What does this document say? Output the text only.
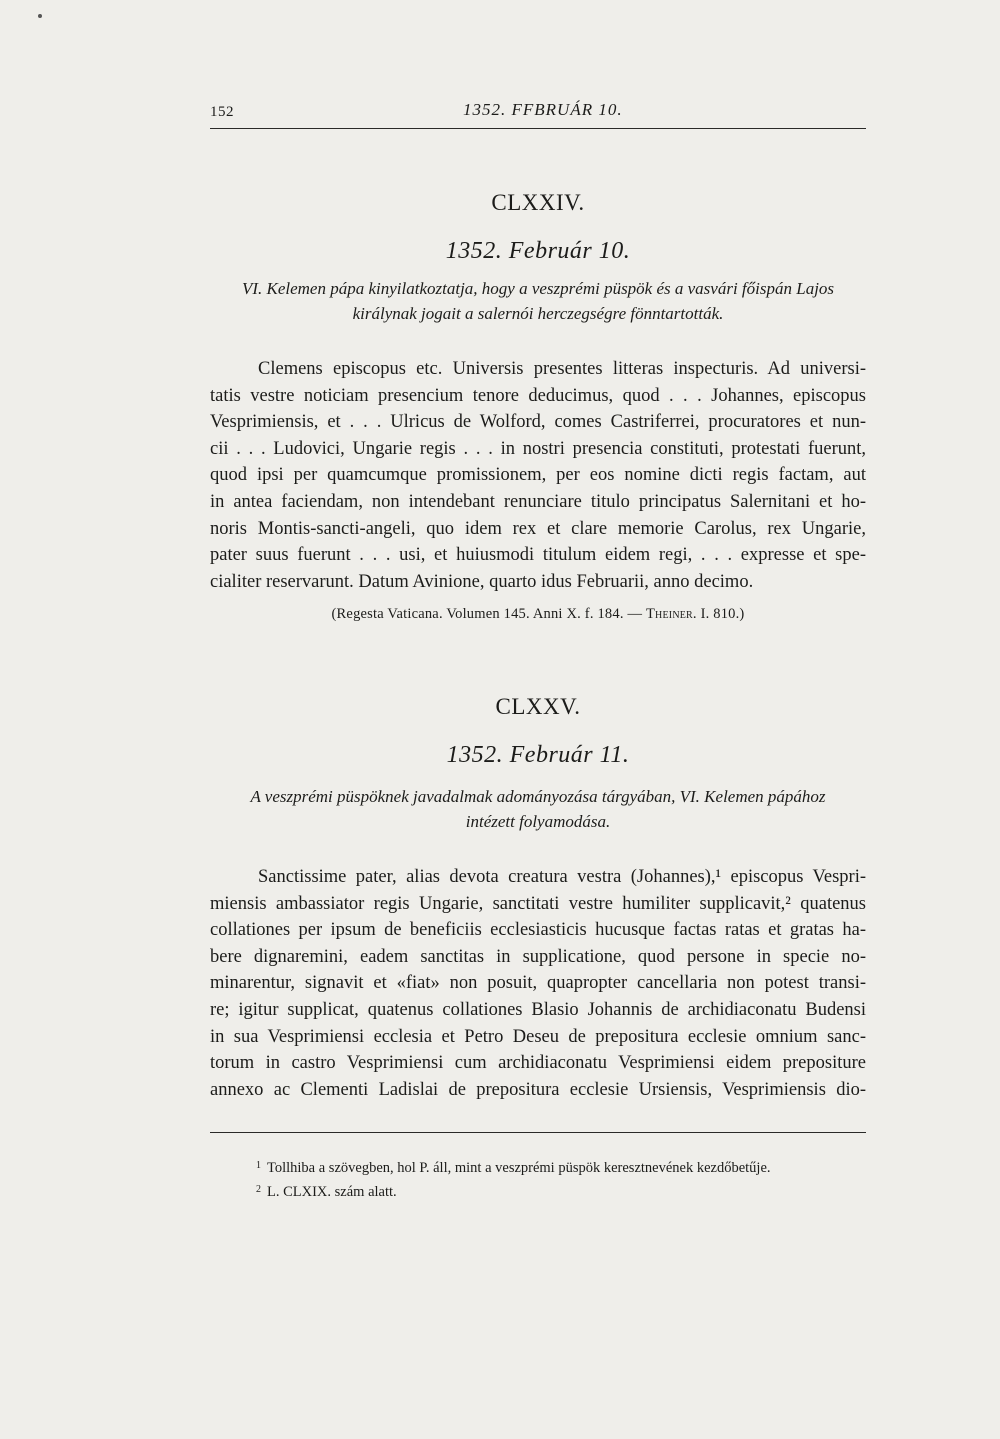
152	1352. FFBRUÁR 10.
CLXXIV.
1352. Február 10.
VI. Kelemen pápa kinyilatkoztatja, hogy a veszprémi püspök és a vasvári főispán Lajos
királynak jogait a salernói herczegségre fönntartották.
Clemens episcopus etc. Universis presentes litteras inspecturis. Ad universi-
tatis vestre noticiam presencium tenore deducimus, quod . . . Johannes, episcopus
Vesprimiensis, et . . . Ulricus de Wolford, comes Castriferrei, procuratores et nun-
cii . . . Ludovici, Ungarie regis . . . in nostri presencia constituti, protestati fuerunt,
quod ipsi per quamcumque promissionem, per eos nomine dicti regis factam, aut
in antea faciendam, non intendebant renunciare titulo principatus Salernitani et ho-
noris Montis-sancti-angeli, quo idem rex et clare memorie Carolus, rex Ungarie,
pater suus fuerunt . . . usi, et huiusmodi titulum eidem regi, . . . expresse et spe-
cialiter reservarunt. Datum Avinione, quarto idus Februarii, anno decimo.
(Regesta Vaticana. Volumen 145. Anni X. f. 184. — Theiner. I. 810.)
CLXXV.
1352. Február 11.
A veszprémi püspöknek javadalmak adományozása tárgyában, VI. Kelemen pápához
intézett folyamodása.
Sanctissime pater, alias devota creatura vestra (Johannes),¹ episcopus Vespri-
miensis ambassiator regis Ungarie, sanctitati vestre humiliter supplicavit,² quatenus
collationes per ipsum de beneficiis ecclesiasticis hucusque factas ratas et gratas ha-
bere dignaremini, eadem sanctitas in supplicatione, quod persone in specie no-
minarentur, signavit et «fiat» non posuit, quapropter cancellaria non potest transi-
re; igitur supplicat, quatenus collationes Blasio Johannis de archidiaconatu Budensi
in sua Vesprimiensi ecclesia et Petro Deseu de prepositura ecclesie omnium sanc-
torum in castro Vesprimiensi cum archidiaconatu Vesprimiensi eidem prepositure
annexo ac Clementi Ladislai de prepositura ecclesie Ursiensis, Vesprimiensis dio-
$^1$ Tollhiba a szövegben, hol P. áll, mint a veszprémi püspök keresztnevének kezdőbetűje.
$^2$ L. CLXIX. szám alatt.
